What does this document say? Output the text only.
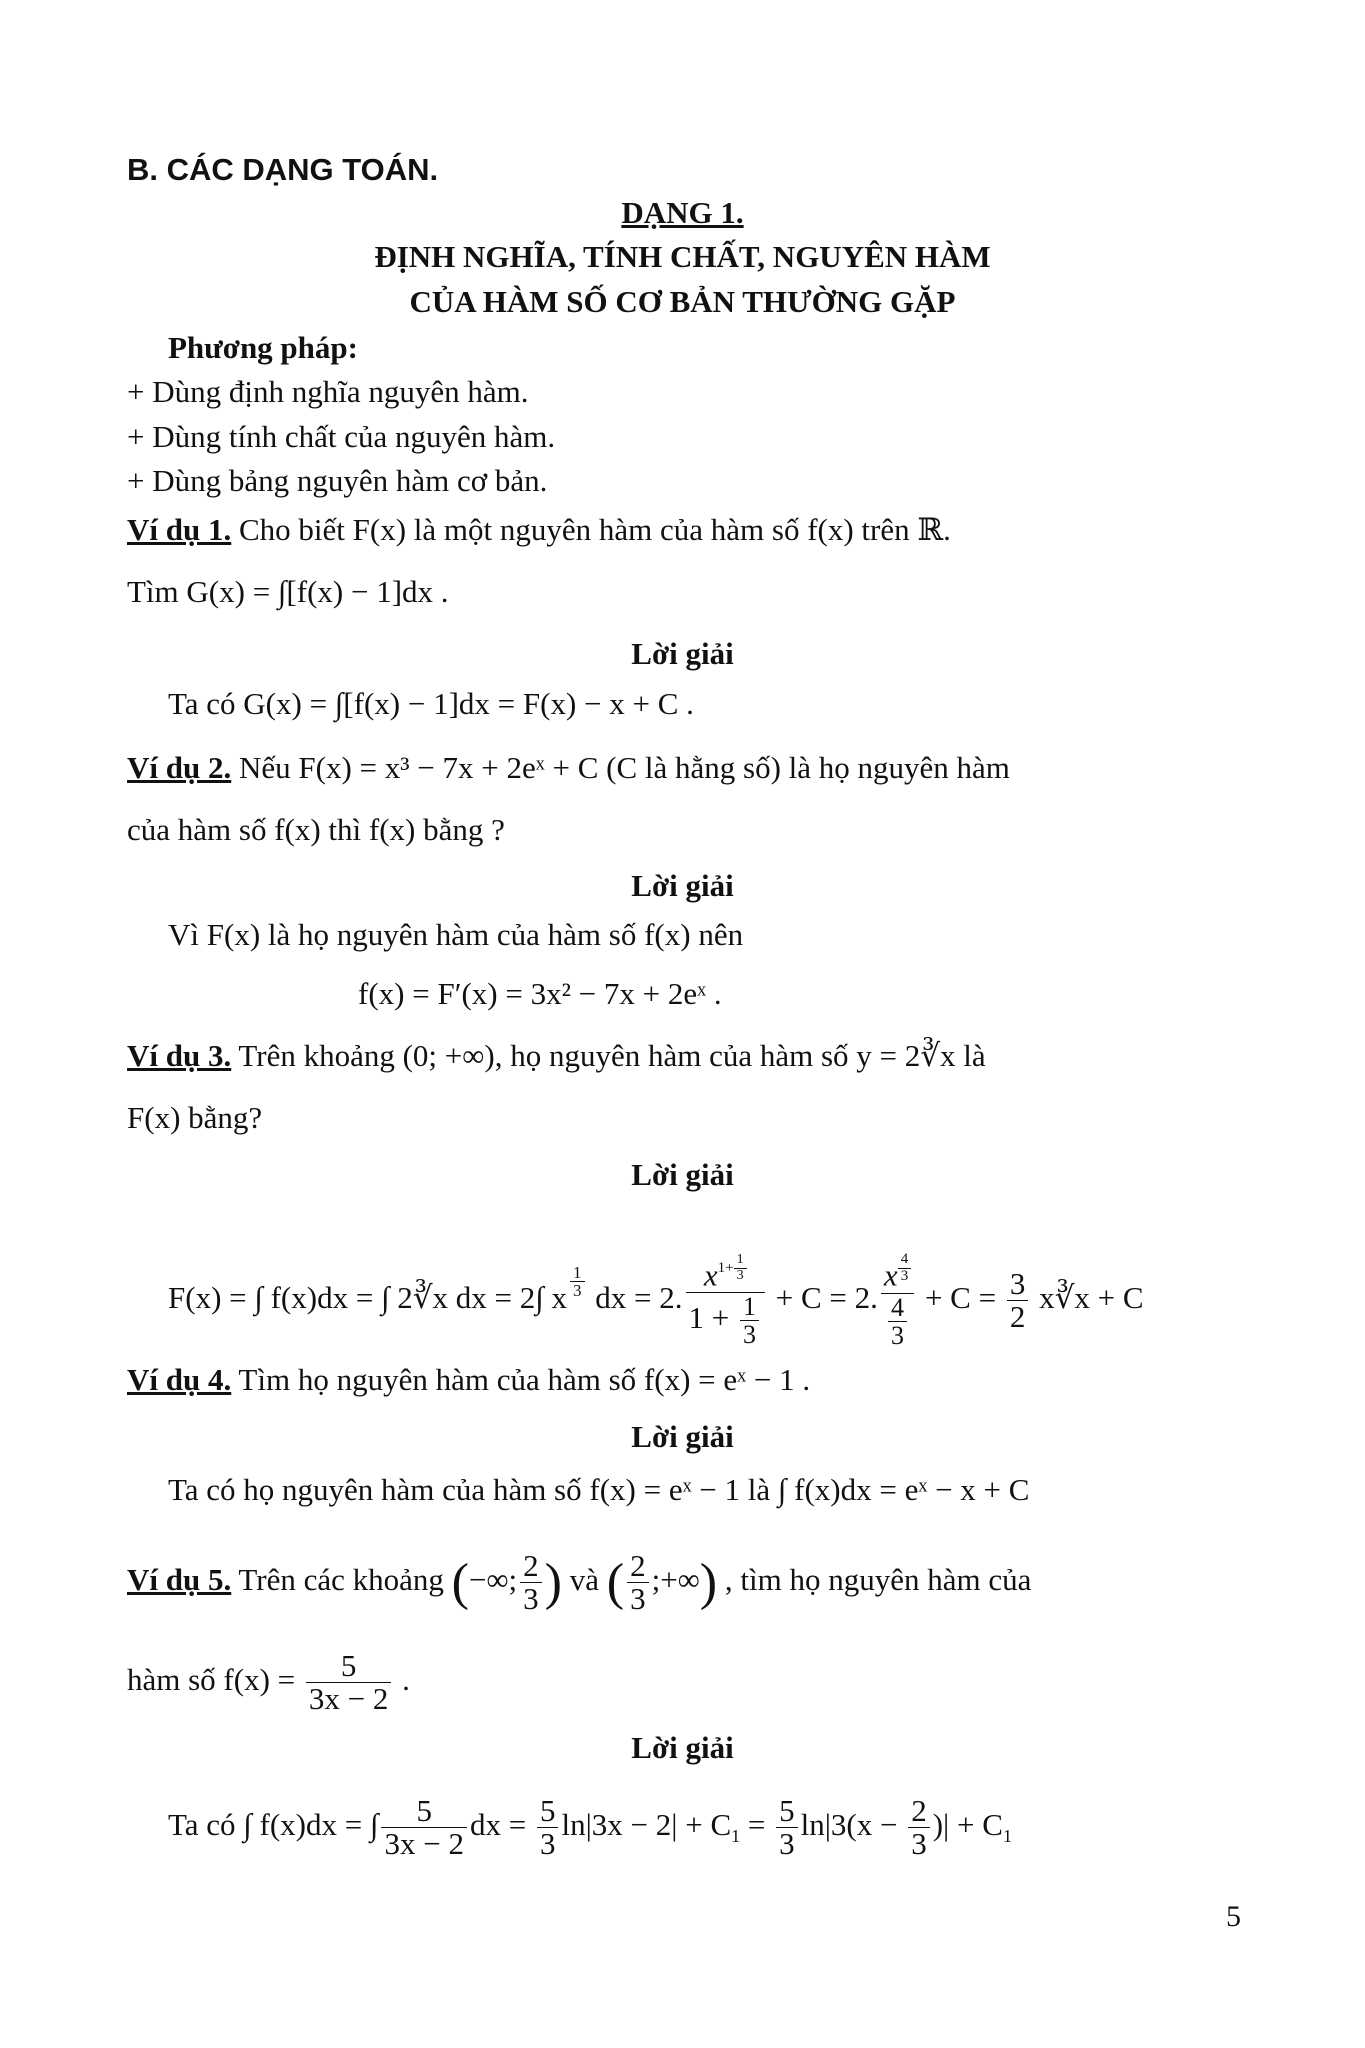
B. CÁC DẠNG TOÁN.
DẠNG 1.
ĐỊNH NGHĨA, TÍNH CHẤT, NGUYÊN HÀM
CỦA HÀM SỐ CƠ BẢN THƯỜNG GẶP
Phương pháp:
+ Dùng định nghĩa nguyên hàm.
+ Dùng tính chất của nguyên hàm.
+ Dùng bảng nguyên hàm cơ bản.
Ví dụ 1. Cho biết F(x) là một nguyên hàm của hàm số f(x) trên ℝ.
Tìm G(x) = ∫[f(x) − 1]dx .
Lời giải
Ta có G(x) = ∫[f(x) − 1]dx = F(x) − x + C .
Ví dụ 2. Nếu F(x) = x³ − 7x + 2eˣ + C (C là hằng số) là họ nguyên hàm
của hàm số f(x) thì f(x) bằng ?
Lời giải
Vì F(x) là họ nguyên hàm của hàm số f(x) nên
f(x) = F′(x) = 3x² − 7x + 2eˣ .
Ví dụ 3. Trên khoảng (0; +∞), họ nguyên hàm của hàm số y = 2∛x là
F(x) bằng?
Lời giải
F(x) = ∫ f(x)dx = ∫ 2∛x dx = 2∫ x $^{\frac{1}{3}}$ dx = 2. $x^{1+ \frac{1}{3}}$
$1 + \frac{1}{3} + C = 2$. x $^{\frac{4}{3}}$
$\frac{4}{3} + C = \frac{3}{2}$ x∛x + C
Ví dụ 4. Tìm họ nguyên hàm của hàm số f(x) = eˣ − 1 .
Lời giải
Ta có họ nguyên hàm của hàm số f(x) = eˣ − 1 là ∫ f(x)dx = eˣ − x + C
Ví dụ 5. Trên các khoảng (−∞; $\frac{2}{3}$ ) và ( $\frac{2}{3}$ ;+∞) , tìm họ nguyên hàm của
hàm số $f(x) = \frac{5}{3x - 2}$ .
Lời giải
Ta có ∫ f(x)dx = ∫ $\frac{5}{3x - 2}$ dx = $\frac{5}{3} \ln|3x - 2| + C_1 = \frac{5}{3} \ln|3(x - \frac{2}{3}$ )| + $C_1$
5
